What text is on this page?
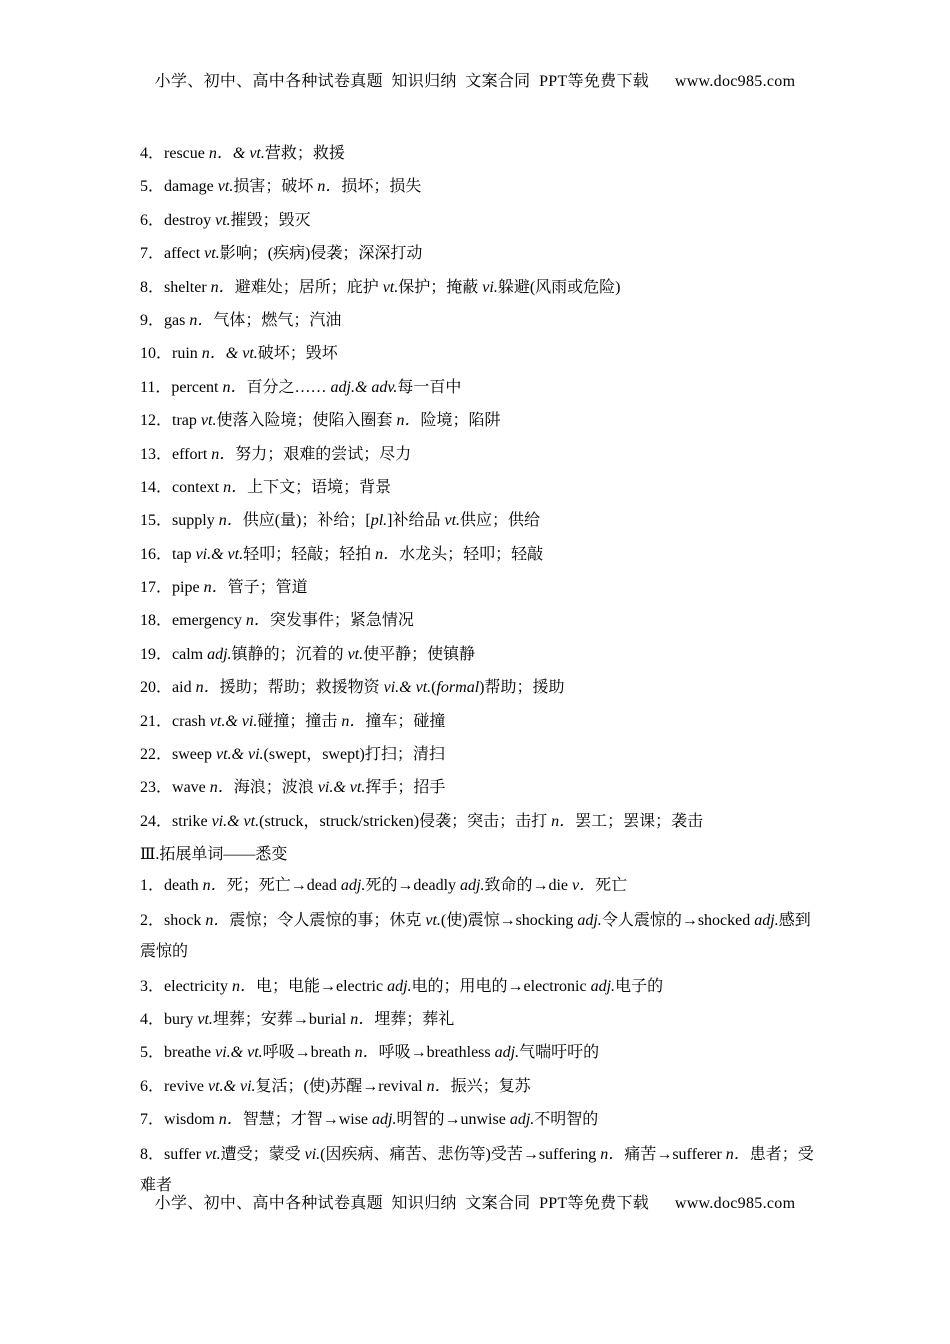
小学、初中、高中各种试卷真题  知识归纳  文案合同  PPT等免费下载      www.doc985.com
4．rescue n．& vt.营救；救援
5．damage vt.损害；破坏 n．损坏；损失
6．destroy vt.摧毁；毁灭
7．affect vt.影响；(疾病)侵袭；深深打动
8．shelter n．避难处；居所；庇护 vt.保护；掩蔽 vi.躲避(风雨或危险)
9．gas n．气体；燃气；汽油
10．ruin n．& vt.破坏；毁坏
11．percent n．百分之…… adj.& adv.每一百中
12．trap vt.使落入险境；使陷入圈套 n．险境；陷阱
13．effort n．努力；艰难的尝试；尽力
14．context n．上下文；语境；背景
15．supply n．供应(量)；补给；[pl.]补给品 vt.供应；供给
16．tap vi.& vt.轻叩；轻敲；轻拍 n．水龙头；轻叩；轻敲
17．pipe n．管子；管道
18．emergency n．突发事件；紧急情况
19．calm adj.镇静的；沉着的 vt.使平静；使镇静
20．aid n．援助；帮助；救援物资 vi.& vt.(formal)帮助；援助
21．crash vt.& vi.碰撞；撞击 n．撞车；碰撞
22．sweep vt.& vi.(swept，swept)打扫；清扫
23．wave n．海浪；波浪 vi.& vt.挥手；招手
24．strike vi.& vt.(struck，struck/stricken)侵袭；突击；击打 n．罢工；罢课；袭击
Ⅲ.拓展单词——悉变
1．death n．死；死亡→dead adj.死的→deadly adj.致命的→die v．死亡
2．shock n．震惊；令人震惊的事；休克 vt.(使)震惊→shocking adj.令人震惊的→shocked adj.感到震惊的
3．electricity n．电；电能→electric adj.电的；用电的→electronic adj.电子的
4．bury vt.埋葬；安葬→burial n．埋葬；葬礼
5．breathe vi.& vt.呼吸→breath n．呼吸→breathless adj.气喘吁吁的
6．revive vt.& vi.复活；(使)苏醒→revival n．振兴；复苏
7．wisdom n．智慧；才智→wise adj.明智的→unwise adj.不明智的
8．suffer vt.遭受；蒙受 vi.(因疾病、痛苦、悲伤等)受苦→suffering n．痛苦→sufferer n．患者；受难者
小学、初中、高中各种试卷真题  知识归纳  文案合同  PPT等免费下载      www.doc985.com
